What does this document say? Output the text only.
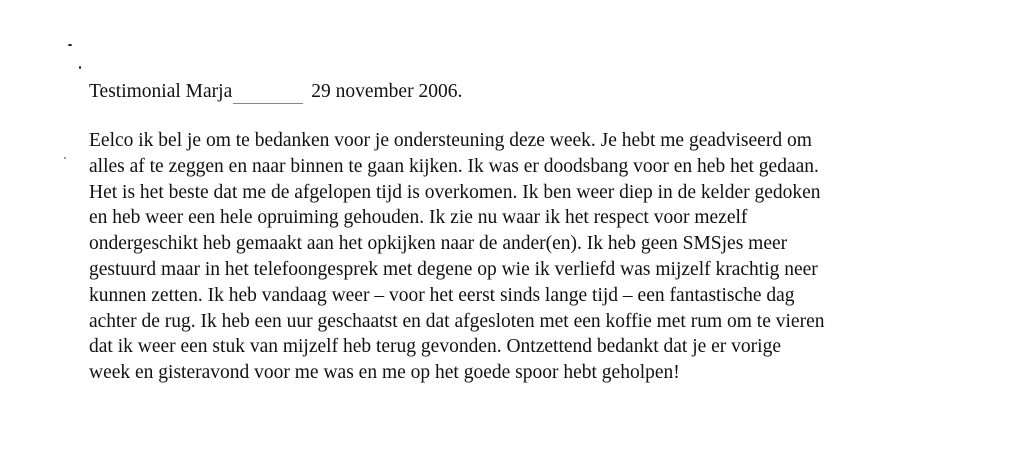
Testimonial Marja	29 november 2006.

Eelco ik bel je om te bedanken voor je ondersteuning deze week. Je hebt me geadviseerd om
alles af te zeggen en naar binnen te gaan kijken. Ik was er doodsbang voor en heb het gedaan.
Het is het beste dat me de afgelopen tijd is overkomen. Ik ben weer diep in de kelder gedoken
en heb weer een hele opruiming gehouden. Ik zie nu waar ik het respect voor mezelf
ondergeschikt heb gemaakt aan het opkijken naar de ander(en). Ik heb geen SMSjes meer
gestuurd maar in het telefoongesprek met degene op wie ik verliefd was mijzelf krachtig neer
kunnen zetten. Ik heb vandaag weer – voor het eerst sinds lange tijd – een fantastische dag
achter de rug. Ik heb een uur geschaatst en dat afgesloten met een koffie met rum om te vieren
dat ik weer een stuk van mijzelf heb terug gevonden. Ontzettend bedankt dat je er vorige
week en gisteravond voor me was en me op het goede spoor hebt geholpen!
